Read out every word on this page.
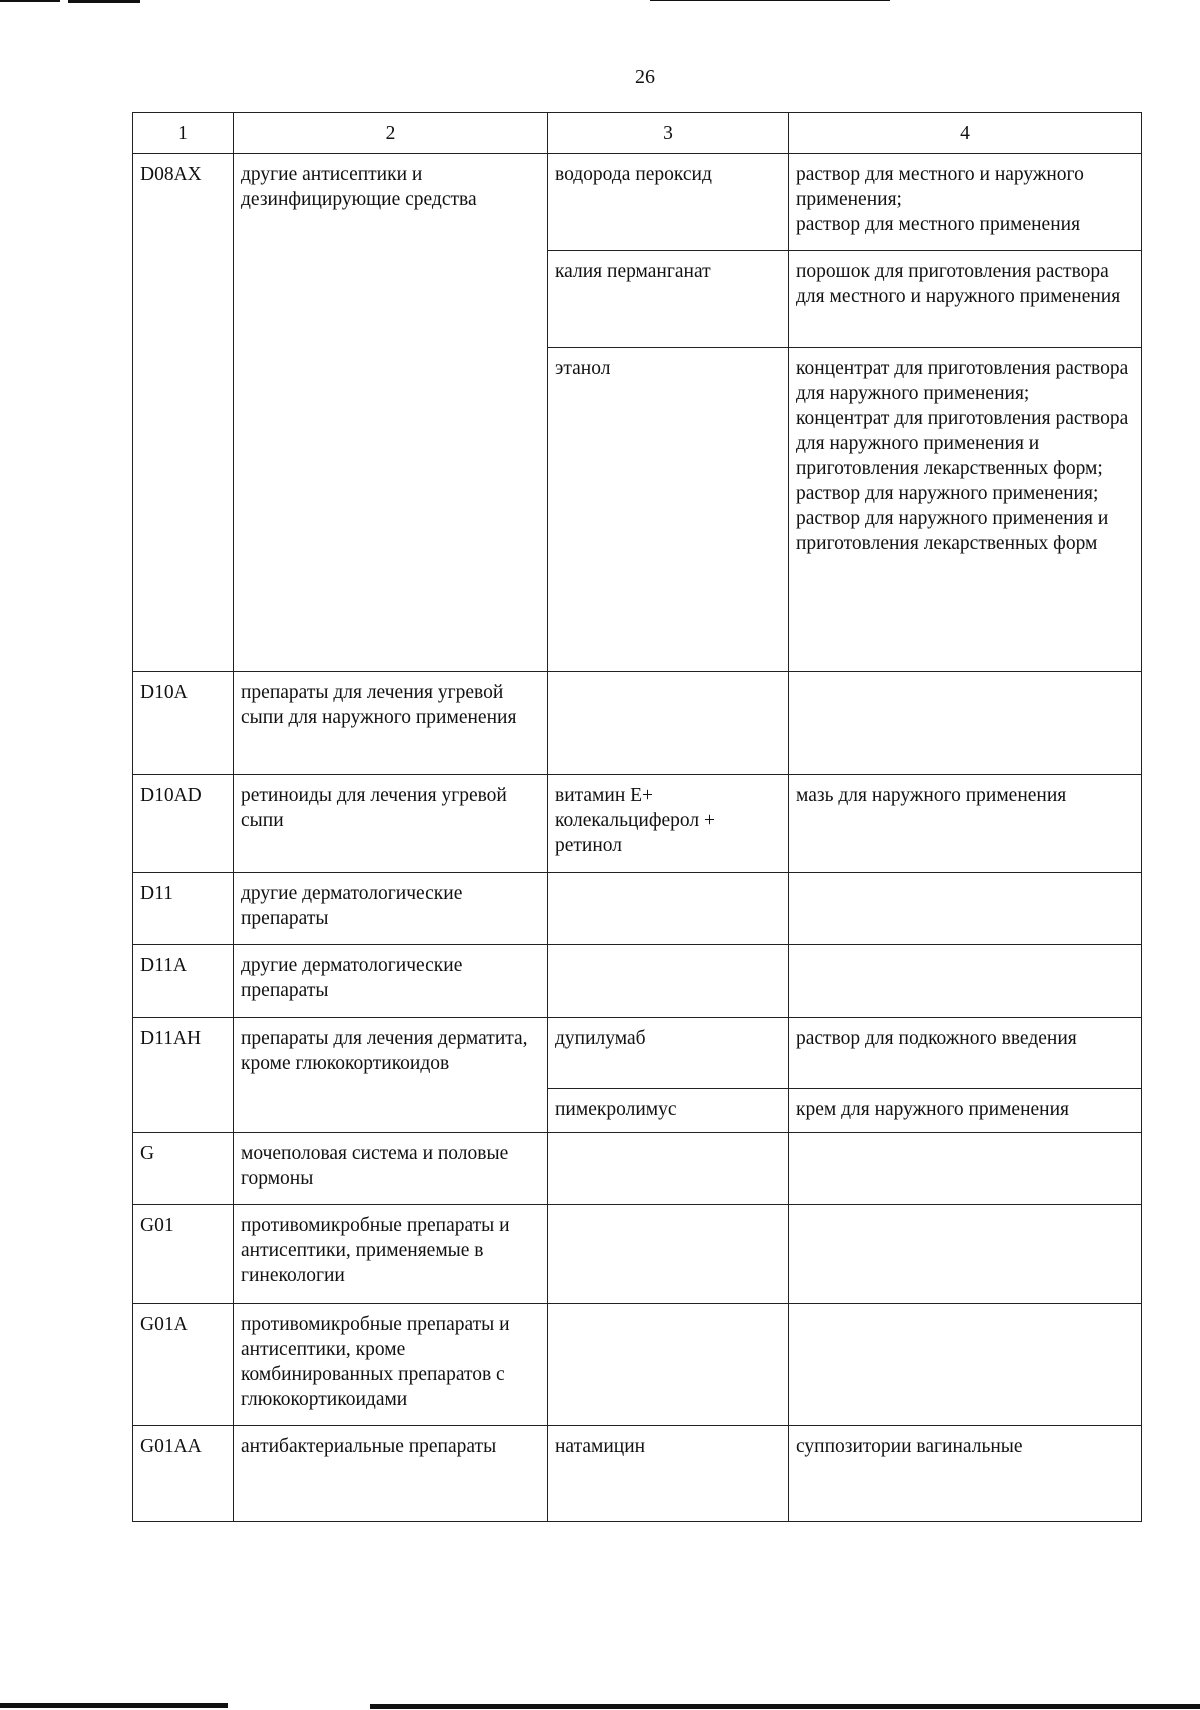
26
1	2	3	4
D08AX	другие антисептики и дезинфицирующие средства	водорода пероксид	раствор для местного и наружного применения;
раствор для местного применения

		калия перманганат	порошок для приготовления раствора для местного и наружного применения

		этанол	концентрат для приготовления раствора для наружного применения;
концентрат для приготовления раствора для наружного применения и приготовления лекарственных форм;
раствор для наружного применения;
раствор для наружного применения и приготовления лекарственных форм

D10A	препараты для лечения угревой сыпи для наружного применения		
D10AD	ретиноиды для лечения угревой сыпи	витамин Е+ колекальциферол + ретинол	мазь для наружного применения
D11	другие дерматологические препараты		
D11A	другие дерматологические препараты		
D11AH	препараты для лечения дерматита, кроме глюкокортикоидов	дупилумаб	раствор для подкожного введения
		пимекролимус	крем для наружного применения
G	мочеполовая система и половые гормоны		
G01	противомикробные препараты и антисептики, применяемые в гинекологии		
G01A	противомикробные препараты и антисептики, кроме комбинированных препаратов с глюкокортикоидами		
G01AA	антибактериальные препараты	натамицин	суппозитории вагинальные
